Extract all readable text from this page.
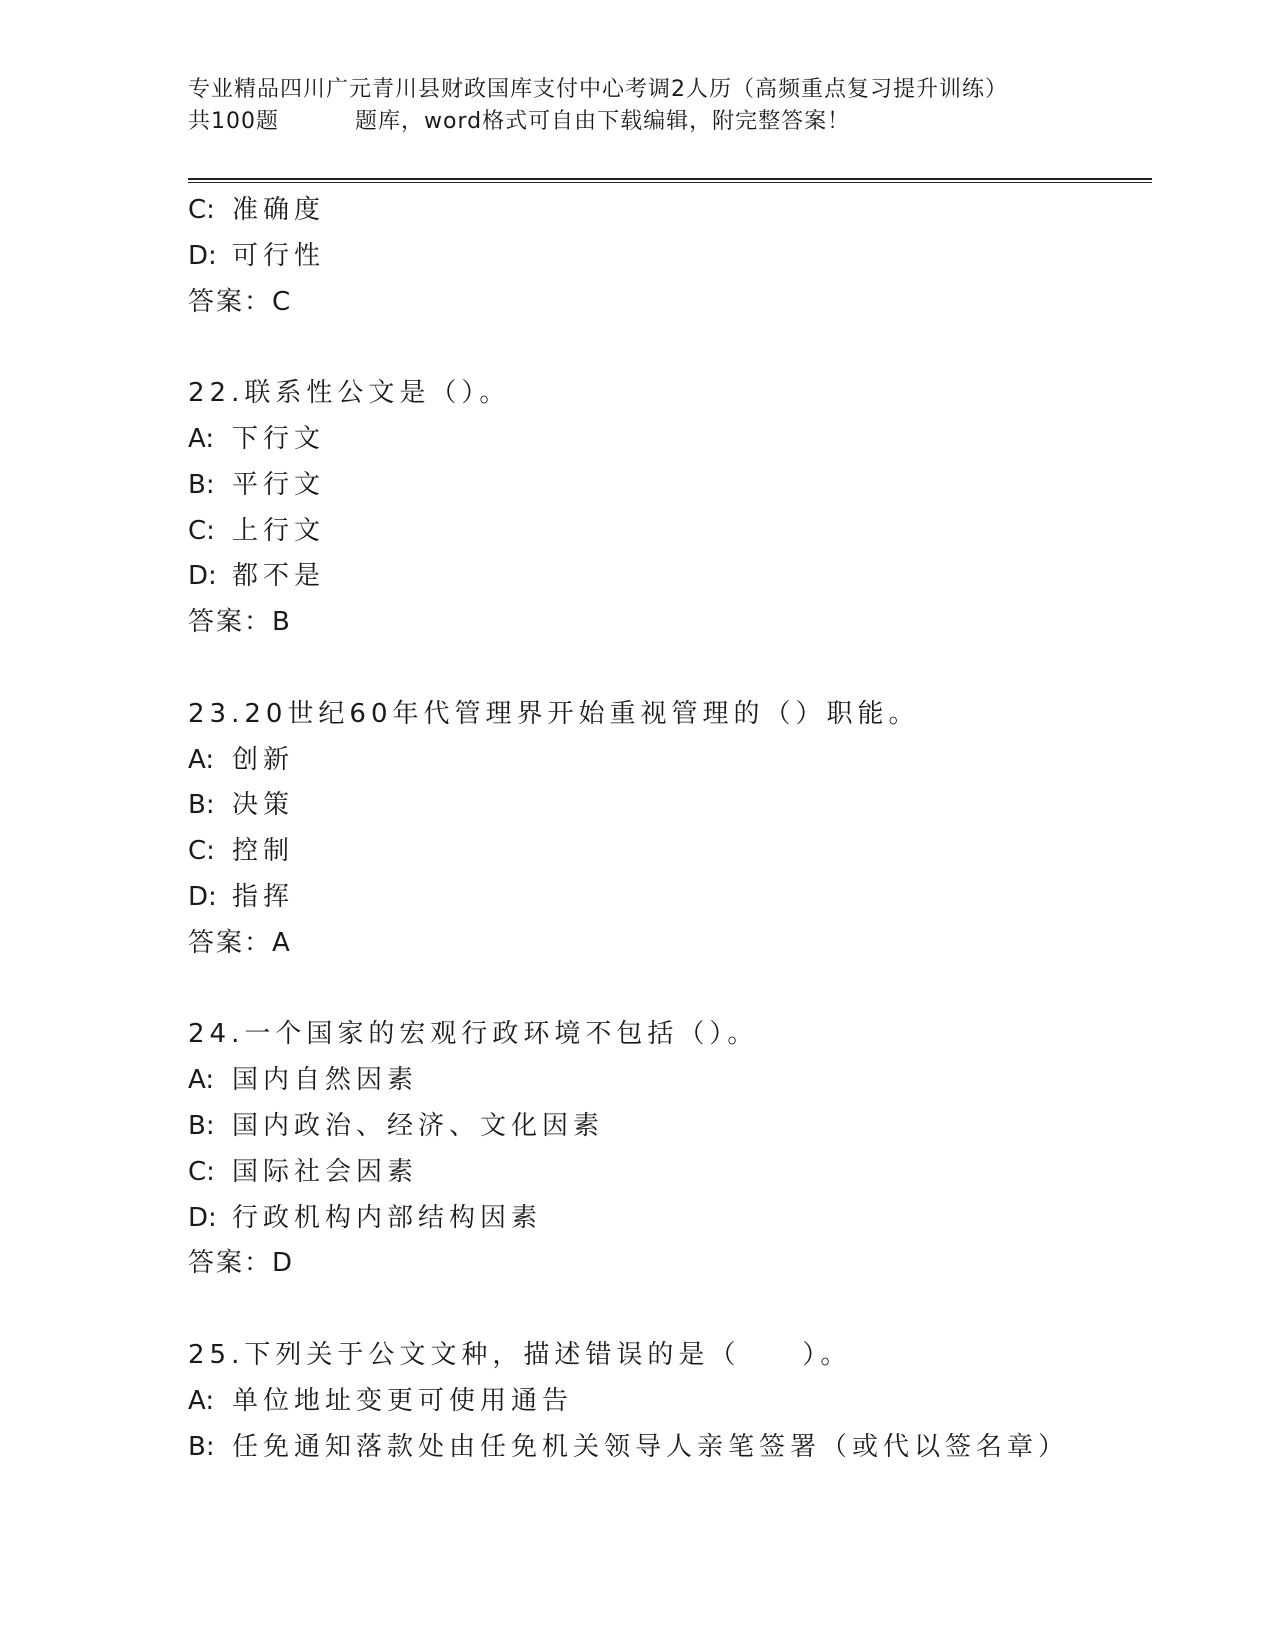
专业精品四川广元青川县财政国库支付中心考调2人历（高频重点复习提升训练）
共100题	题库，word格式可自由下载编辑，附完整答案！
C: 准确度
D: 可行性
答案：C
22.联系性公文是（）。
A: 下行文
B: 平行文
C: 上行文
D: 都不是
答案：B
23.20世纪60年代管理界开始重视管理的（）职能。
A: 创新
B: 决策
C: 控制
D: 指挥
答案：A
24.一个国家的宏观行政环境不包括（）。
A: 国内自然因素
B: 国内政治、经济、文化因素
C: 国际社会因素
D: 行政机构内部结构因素
答案：D
25.下列关于公文文种，描述错误的是（　　）。
A: 单位地址变更可使用通告
B: 任免通知落款处由任免机关领导人亲笔签署（或代以签名章）
